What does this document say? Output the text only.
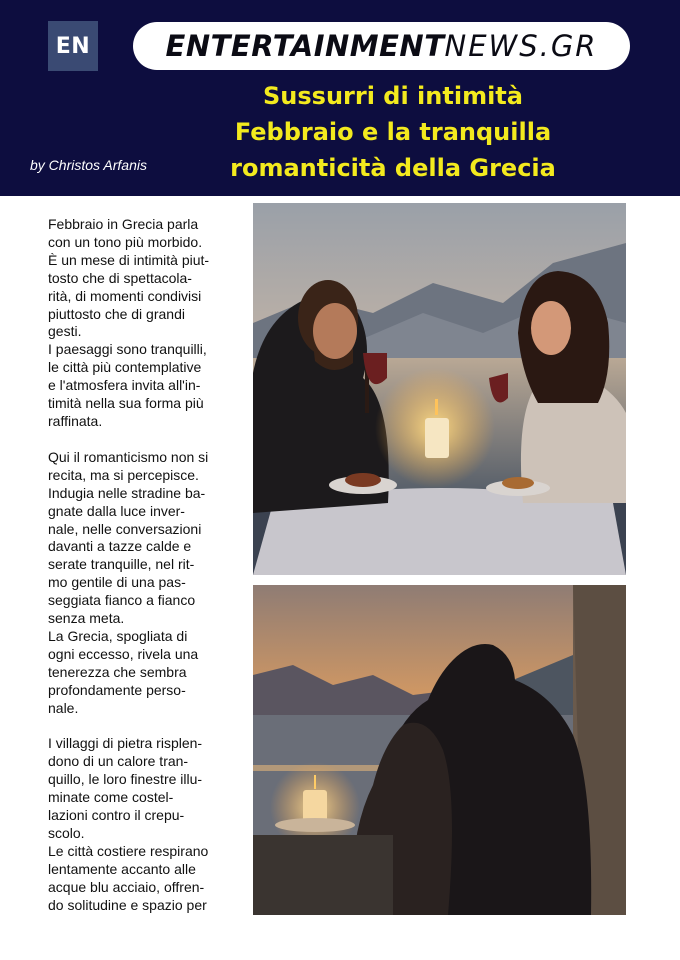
EN	ENTERTAINMENT NEWS.GR
Sussurri di intimità
Febbraio e la tranquilla
romanticità della Grecia
by Christos Arfanis

Febbraio in Grecia parla

con un tono più morbido.

È un mese di intimità piut-

tosto che di spettacola-

rità, di momenti condivisi

piuttosto che di grandi

gesti.

I paesaggi sono tranquilli,

le città più contemplative

e l'atmosfera invita all'in-

timità nella sua forma più

raffinata.

Qui il romanticismo non si

recita, ma si percepisce.

Indugia nelle stradine ba-

gnate dalla luce inver-

nale, nelle conversazioni

davanti a tazze calde e

serate tranquille, nel rit-

mo gentile di una pas-

seggiata fianco a fianco

senza meta.

La Grecia, spogliata di

ogni eccesso, rivela una

tenerezza che sembra

profondamente perso-

nale.

I villaggi di pietra risplen-

dono di un calore tran-

quillo, le loro finestre illu-

minate come costel-

lazioni contro il crepu-

scolo.

Le città costiere respirano

lentamente accanto alle

acque blu acciaio, offren-

do solitudine e spazio per
